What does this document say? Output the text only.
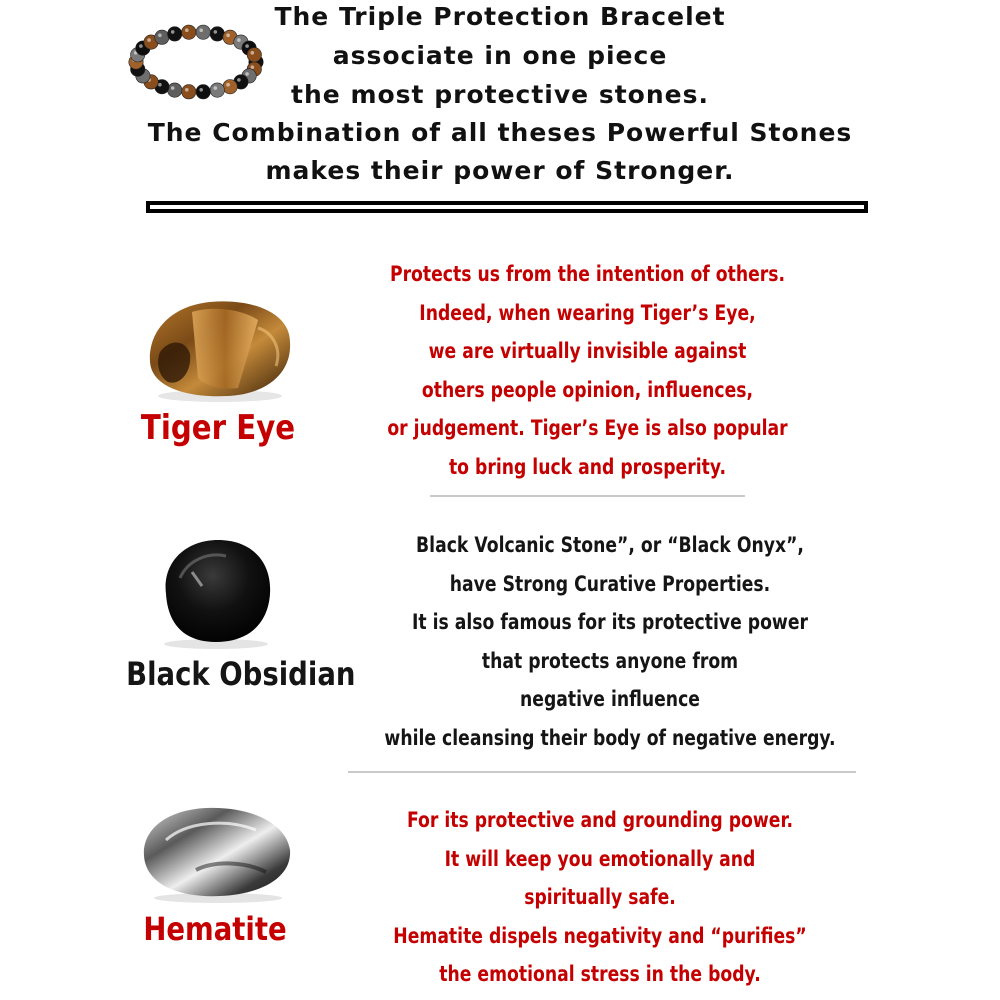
The Triple Protection Bracelet
associate in one piece
the most protective stones.
The Combination of all theses Powerful Stones
makes their power of Stronger.
Tiger Eye
Protects us from the intention of others.
Indeed, when wearing Tiger’s Eye,
we are virtually invisible against
others people opinion, influences,
or judgement. Tiger’s Eye is also popular
to bring luck and prosperity.
Black Obsidian
Black Volcanic Stone”, or “Black Onyx”,
have Strong Curative Properties.
It is also famous for its protective power
that protects anyone from
negative influence
while cleansing their body of negative energy.
Hematite
For its protective and grounding power.
It will keep you emotionally and
spiritually safe.
Hematite dispels negativity and “purifies”
the emotional stress in the body.
